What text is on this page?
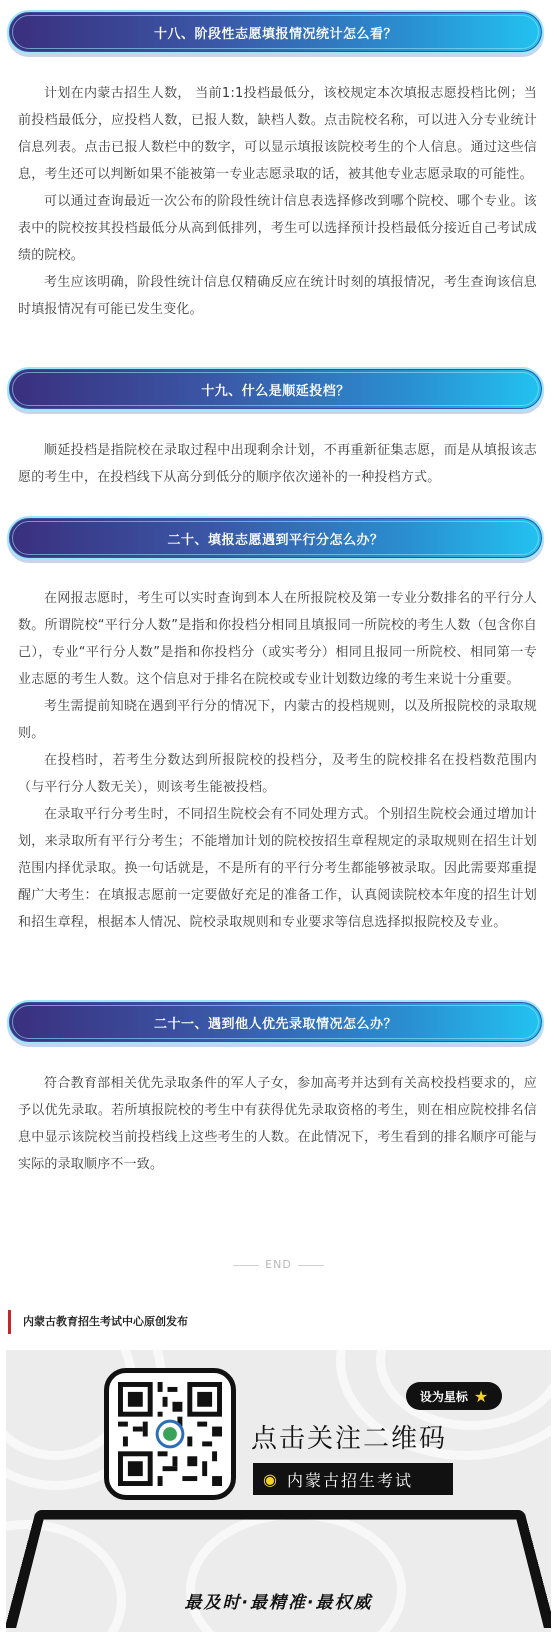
十八、阶段性志愿填报情况统计怎么看？

计划在内蒙古招生人数， 当前1:1投档最低分，该校规定本次填报志愿投档比例；当前投档最低分，应投档人数，已报人数，缺档人数。点击院校名称，可以进入分专业统计信息列表。点击已报人数栏中的数字，可以显示填报该院校考生的个人信息。通过这些信息，考生还可以判断如果不能被第一专业志愿录取的话，被其他专业志愿录取的可能性。

可以通过查询最近一次公布的阶段性统计信息表选择修改到哪个院校、哪个专业。该表中的院校按其投档最低分从高到低排列，考生可以选择预计投档最低分接近自己考试成绩的院校。

考生应该明确，阶段性统计信息仅精确反应在统计时刻的填报情况，考生查询该信息时填报情况有可能已发生变化。

十九、什么是顺延投档？

顺延投档是指院校在录取过程中出现剩余计划，不再重新征集志愿，而是从填报该志愿的考生中，在投档线下从高分到低分的顺序依次递补的一种投档方式。

二十、填报志愿遇到平行分怎么办？

在网报志愿时，考生可以实时查询到本人在所报院校及第一专业分数排名的平行分人数。所谓院校“平行分人数”是指和你投档分相同且填报同一所院校的考生人数（包含你自己），专业“平行分人数”是指和你投档分（或实考分）相同且报同一所院校、相同第一专业志愿的考生人数。这个信息对于排名在院校或专业计划数边缘的考生来说十分重要。

考生需提前知晓在遇到平行分的情况下，内蒙古的投档规则，以及所报院校的录取规则。

在投档时，若考生分数达到所报院校的投档分，及考生的院校排名在投档数范围内（与平行分人数无关），则该考生能被投档。

在录取平行分考生时，不同招生院校会有不同处理方式。个别招生院校会通过增加计划，来录取所有平行分考生；不能增加计划的院校按招生章程规定的录取规则在招生计划范围内择优录取。换一句话就是，不是所有的平行分考生都能够被录取。因此需要郑重提醒广大考生：在填报志愿前一定要做好充足的准备工作，认真阅读院校本年度的招生计划和招生章程，根据本人情况、院校录取规则和专业要求等信息选择拟报院校及专业。

二十一、遇到他人优先录取情况怎么办？

符合教育部相关优先录取条件的军人子女，参加高考并达到有关高校投档要求的，应予以优先录取。若所填报院校的考生中有获得优先录取资格的考生，则在相应院校排名信息中显示该院校当前投档线上这些考生的人数。在此情况下，考生看到的排名顺序可能与实际的录取顺序不一致。

END
内蒙古教育招生考试中心原创发布
设为星标 ★
点击关注二维码
◉ 内蒙古招生考试
最及时·最精准·最权威
